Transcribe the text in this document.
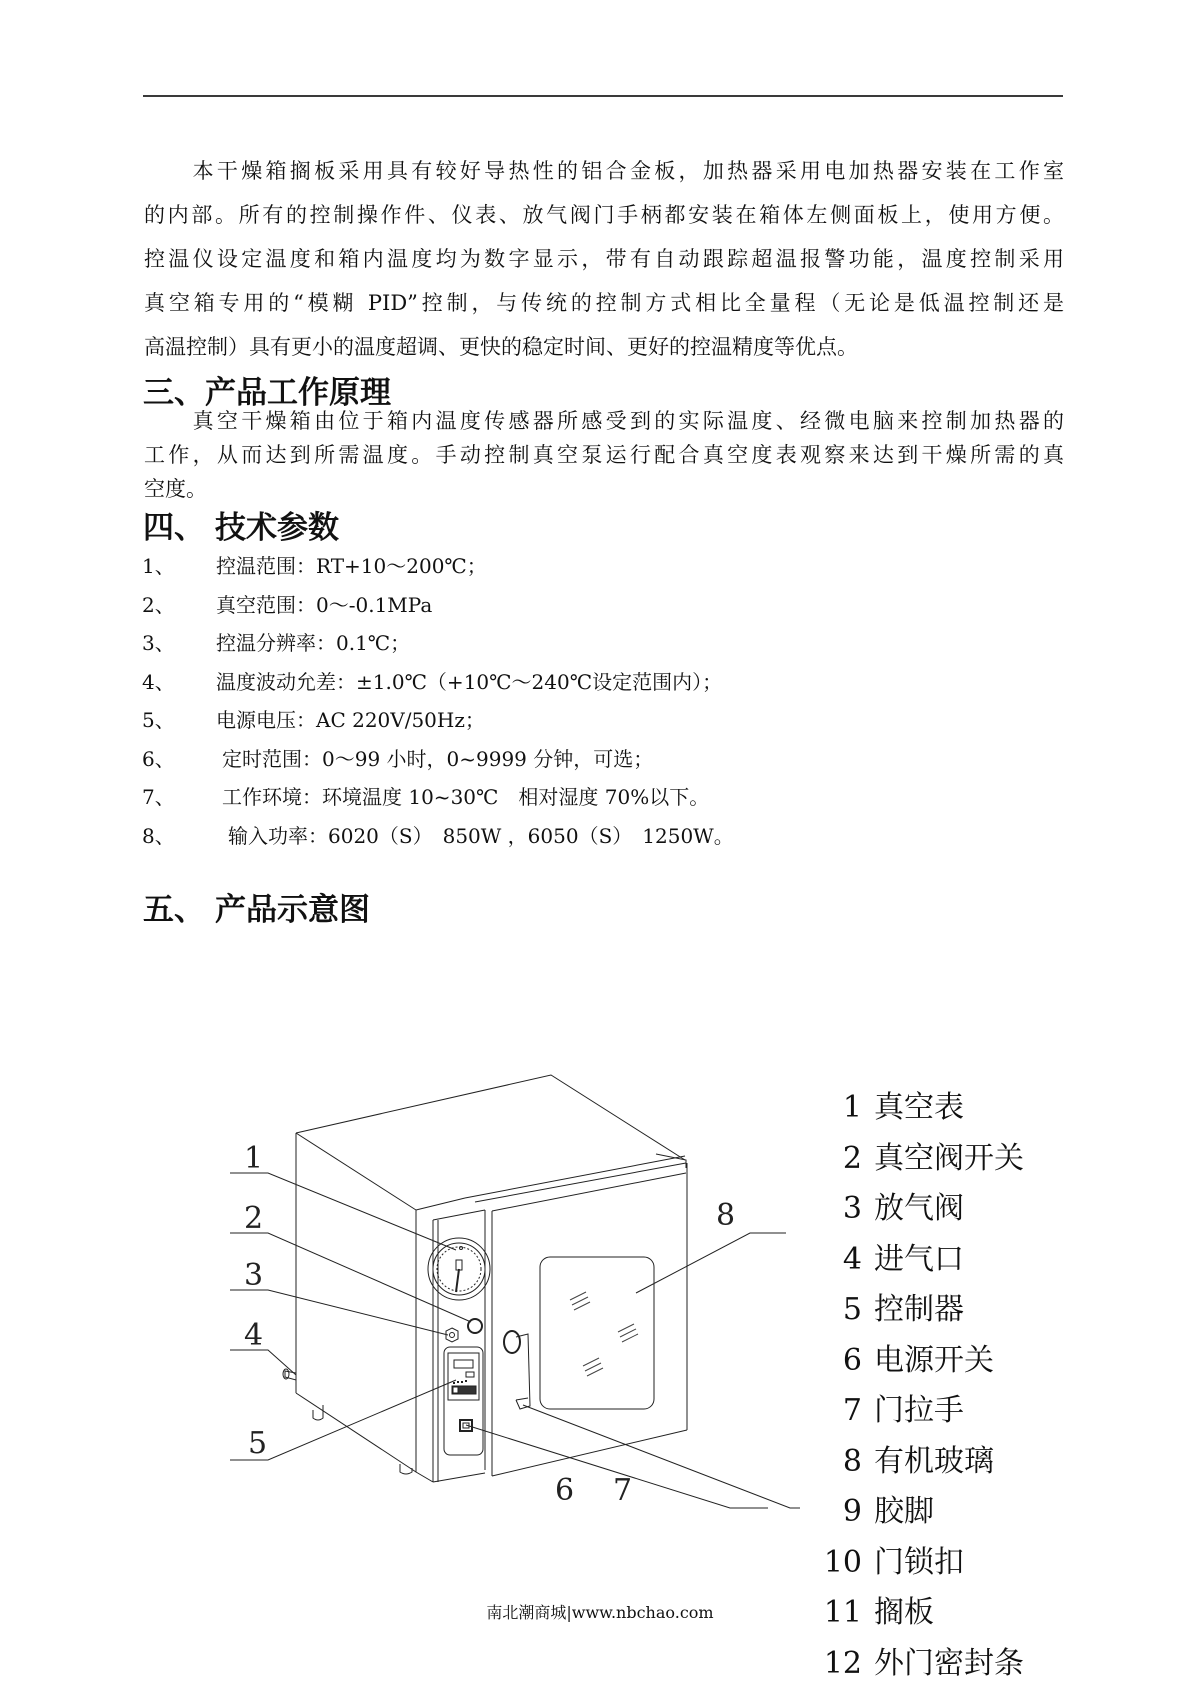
　　本干燥箱搁板采用具有较好导热性的铝合金板，加热器采用电加热器安装在工作室
的内部。所有的控制操作件、仪表、放气阀门手柄都安装在箱体左侧面板上，使用方便。
控温仪设定温度和箱内温度均为数字显示，带有自动跟踪超温报警功能，温度控制采用
真空箱专用的“模糊 PID”控制，与传统的控制方式相比全量程（无论是低温控制还是
高温控制）具有更小的温度超调、更快的稳定时间、更好的控温精度等优点。
三、产品工作原理
　　真空干燥箱由位于箱内温度传感器所感受到的实际温度、经微电脑来控制加热器的
工作，从而达到所需温度。手动控制真空泵运行配合真空度表观察来达到干燥所需的真
空度。
四、 技术参数
1、 控温范围：RT+10～200℃；
2、 真空范围：0～-0.1MPa
3、 控温分辨率：0.1℃；
4、 温度波动允差：±1.0℃（+10℃～240℃设定范围内）；
5、 电源电压：AC 220V/50Hz；
6、 定时范围：0～99 小时，0~9999 分钟，可选；
7、 工作环境：环境温度 10~30℃　相对湿度 70%以下。
8、	输入功率：6020（S）　850W ，6050（S）　1250W。
五、 产品示意图
1
2
3
4
5
6 7
8
1 真空表
2 真空阀开关
3 放气阀
4 进气口
5 控制器
6 电源开关
7 门拉手
8 有机玻璃
9 胶脚
10 门锁扣
11 搁板
12 外门密封条
南北潮商城|www.nbchao.com
